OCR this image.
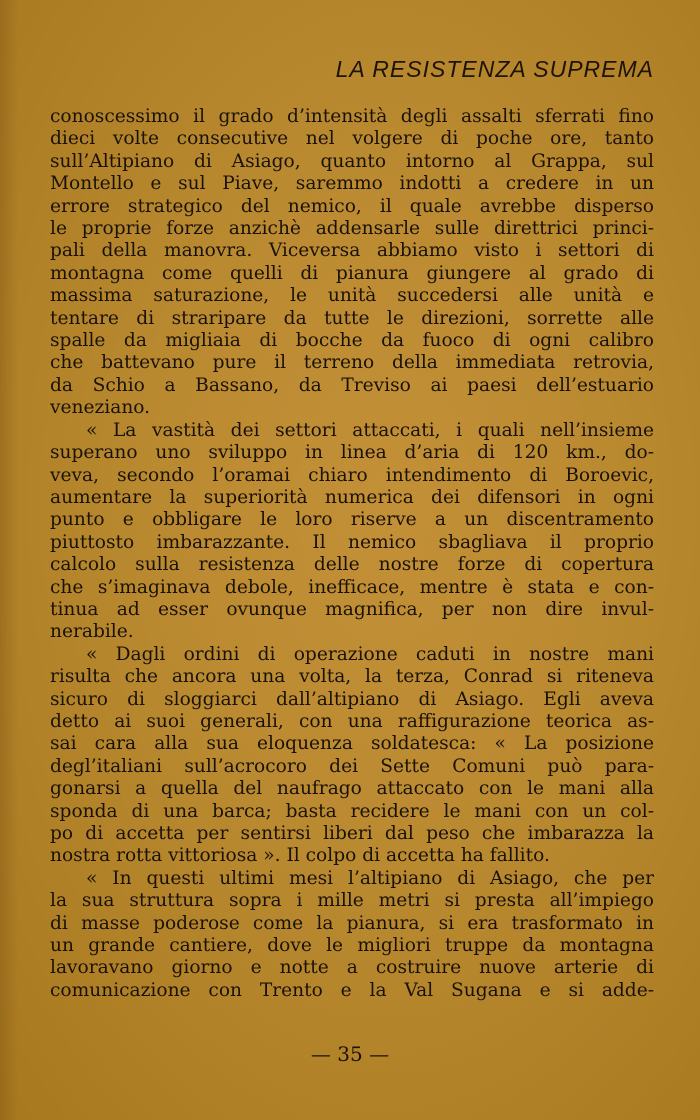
LA RESISTENZA SUPREMA
conoscessimo il grado d’intensità degli assalti sferrati fino
dieci volte consecutive nel volgere di poche ore, tanto
sull’Altipiano di Asiago, quanto intorno al Grappa, sul
Montello e sul Piave, saremmo indotti a credere in un
errore strategico del nemico, il quale avrebbe disperso
le proprie forze anzichè addensarle sulle direttrici princi-
pali della manovra. Viceversa abbiamo visto i settori di
montagna come quelli di pianura giungere al grado di
massima saturazione, le unità succedersi alle unità e
tentare di straripare da tutte le direzioni, sorrette alle
spalle da migliaia di bocche da fuoco di ogni calibro
che battevano pure il terreno della immediata retrovia,
da Schio a Bassano, da Treviso ai paesi dell’estuario
veneziano.
« La vastità dei settori attaccati, i quali nell’insieme
superano uno sviluppo in linea d’aria di 120 km., do-
veva, secondo l’oramai chiaro intendimento di Boroevic,
aumentare la superiorità numerica dei difensori in ogni
punto e obbligare le loro riserve a un discentramento
piuttosto imbarazzante. Il nemico sbagliava il proprio
calcolo sulla resistenza delle nostre forze di copertura
che s’imaginava debole, inefficace, mentre è stata e con-
tinua ad esser ovunque magnifica, per non dire invul-
nerabile.
« Dagli ordini di operazione caduti in nostre mani
risulta che ancora una volta, la terza, Conrad si riteneva
sicuro di sloggiarci dall’altipiano di Asiago. Egli aveva
detto ai suoi generali, con una raffigurazione teorica as-
sai cara alla sua eloquenza soldatesca: « La posizione
degl’italiani sull’acrocoro dei Sette Comuni può para-
gonarsi a quella del naufrago attaccato con le mani alla
sponda di una barca; basta recidere le mani con un col-
po di accetta per sentirsi liberi dal peso che imbarazza la
nostra rotta vittoriosa ». Il colpo di accetta ha fallito.
« In questi ultimi mesi l’altipiano di Asiago, che per
la sua struttura sopra i mille metri si presta all’impiego
di masse poderose come la pianura, si era trasformato in
un grande cantiere, dove le migliori truppe da montagna
lavoravano giorno e notte a costruire nuove arterie di
comunicazione con Trento e la Val Sugana e si adde-
— 35 —
